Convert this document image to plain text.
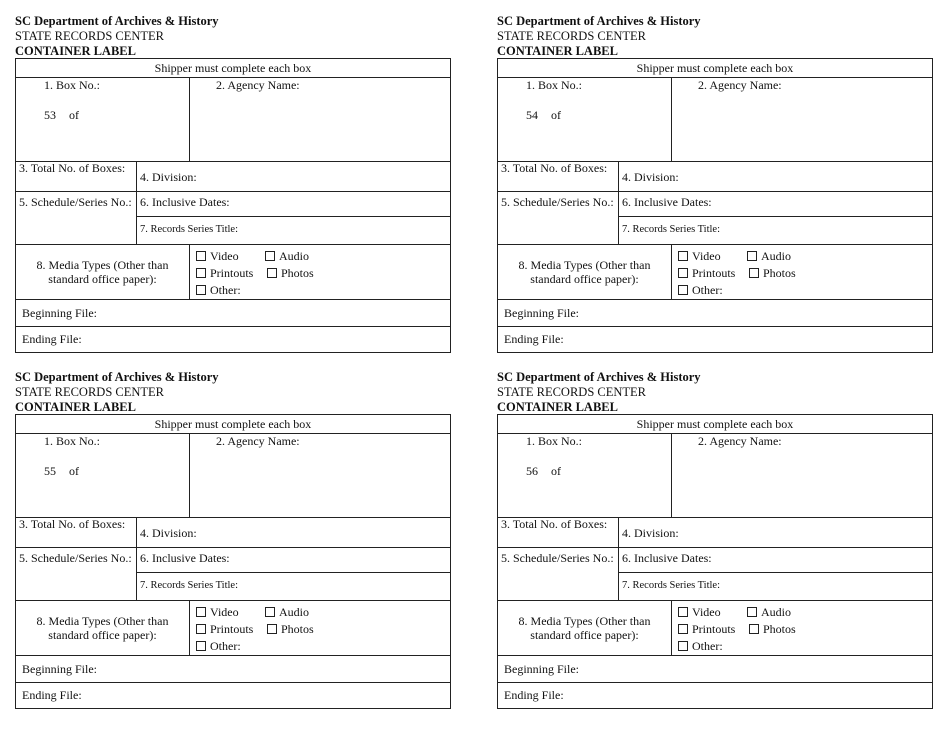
SC Department of Archives & History
STATE RECORDS CENTER
CONTAINER LABEL
Shipper must complete each box
1. Box No.:
53 of
2. Agency Name:
3. Total No. of Boxes:
4. Division:
5. Schedule/Series No.: 6. Inclusive Dates:
7. Records Series Title:
8. Media Types (Other than
standard office paper):
Video	Audio
Printouts	Photos
Other:
Beginning File:
Ending File:
SC Department of Archives & History
STATE RECORDS CENTER
CONTAINER LABEL
Shipper must complete each box
1. Box No.:
54 of
2. Agency Name:
3. Total No. of Boxes:
4. Division:
5. Schedule/Series No.: 6. Inclusive Dates:
7. Records Series Title:
8. Media Types (Other than
standard office paper):
Video	Audio
Printouts	Photos
Other:
Beginning File:
Ending File:
SC Department of Archives & History
STATE RECORDS CENTER
CONTAINER LABEL
Shipper must complete each box
1. Box No.:
55 of
2. Agency Name:
3. Total No. of Boxes:
4. Division:
5. Schedule/Series No.: 6. Inclusive Dates:
7. Records Series Title:
8. Media Types (Other than
standard office paper):
Video	Audio
Printouts	Photos
Other:
Beginning File:
Ending File:
SC Department of Archives & History
STATE RECORDS CENTER
CONTAINER LABEL
Shipper must complete each box
1. Box No.:
56 of
2. Agency Name:
3. Total No. of Boxes:
4. Division:
5. Schedule/Series No.: 6. Inclusive Dates:
7. Records Series Title:
8. Media Types (Other than
standard office paper):
Video	Audio
Printouts	Photos
Other:
Beginning File:
Ending File:
